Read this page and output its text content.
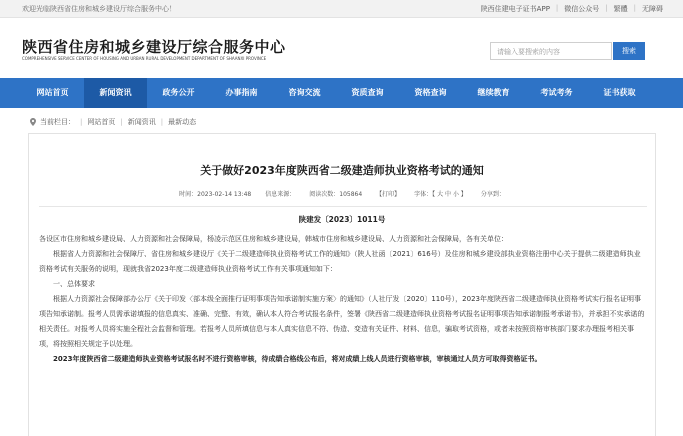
欢迎光临陕西省住房和城乡建设厅综合服务中心！	陕西住建电子证书APP | 微信公众号 | 繁體 | 无障碍
陕西省住房和城乡建设厅综合服务中心
COMPREHENSIVE SERVICE CENTER OF HOUSING AND URBAN RURAL DEVELOPMENT DEPARTMENT OF SHAANXI PROVINCE
请输入要搜索的内容	搜索
网站首页	新闻资讯	政务公开	办事指南	咨询交流	资质查询	资格查询	继续教育	考试考务	证书获取
当前栏目： | 网站首页 | 新闻资讯 | 最新动态
关于做好2023年度陕西省二级建造师执业资格考试的通知
时间：2023-02-14 13:48 信息来源： 阅读次数：105864 【打印】 字体：【 大 中 小 】 分享到：
陕建发〔2023〕1011号

各设区市住房和城乡建设局、人力资源和社会保障局，杨凌示范区住房和城乡建设局，韩城市住房和城乡建设局、人力资源和社会保障局，各有关单位：

根据省人力资源和社会保障厅、省住房和城乡建设厅《关于二级建造师执业资格考试工作的通知》（陕人社函〔2021〕616号）及住房和城乡建设部执业资格注册中心关于提供二级建造师执业资格考试有关服务的说明，现就我省2023年度二级建造师执业资格考试工作有关事项通知如下：

一、总体要求

根据人力资源社会保障部办公厅《关于印发〈部本级全面推行证明事项告知承诺制实施方案〉的通知》（人社厅发〔2020〕110号），2023年度陕西省二级建造师执业资格考试实行报名证明事项告知承诺制。报考人员需承诺填报的信息真实、准确、完整、有效，确认本人符合考试报名条件，签署《陕西省二级建造师执业资格考试报名证明事项告知承诺制报考承诺书》，并承担不实承诺的相关责任。对报考人员将实施全程社会监督和管理。若报考人员所填信息与本人真实信息不符、伪造、变造有关证件、材料、信息，骗取考试资格，或者未按照资格审核部门要求办理报考相关事项，将按照相关规定予以处理。

2023年度陕西省二级建造师执业资格考试报名时不进行资格审核，待成绩合格线公布后，将对成绩上线人员进行资格审核，审核通过人员方可取得资格证书。
